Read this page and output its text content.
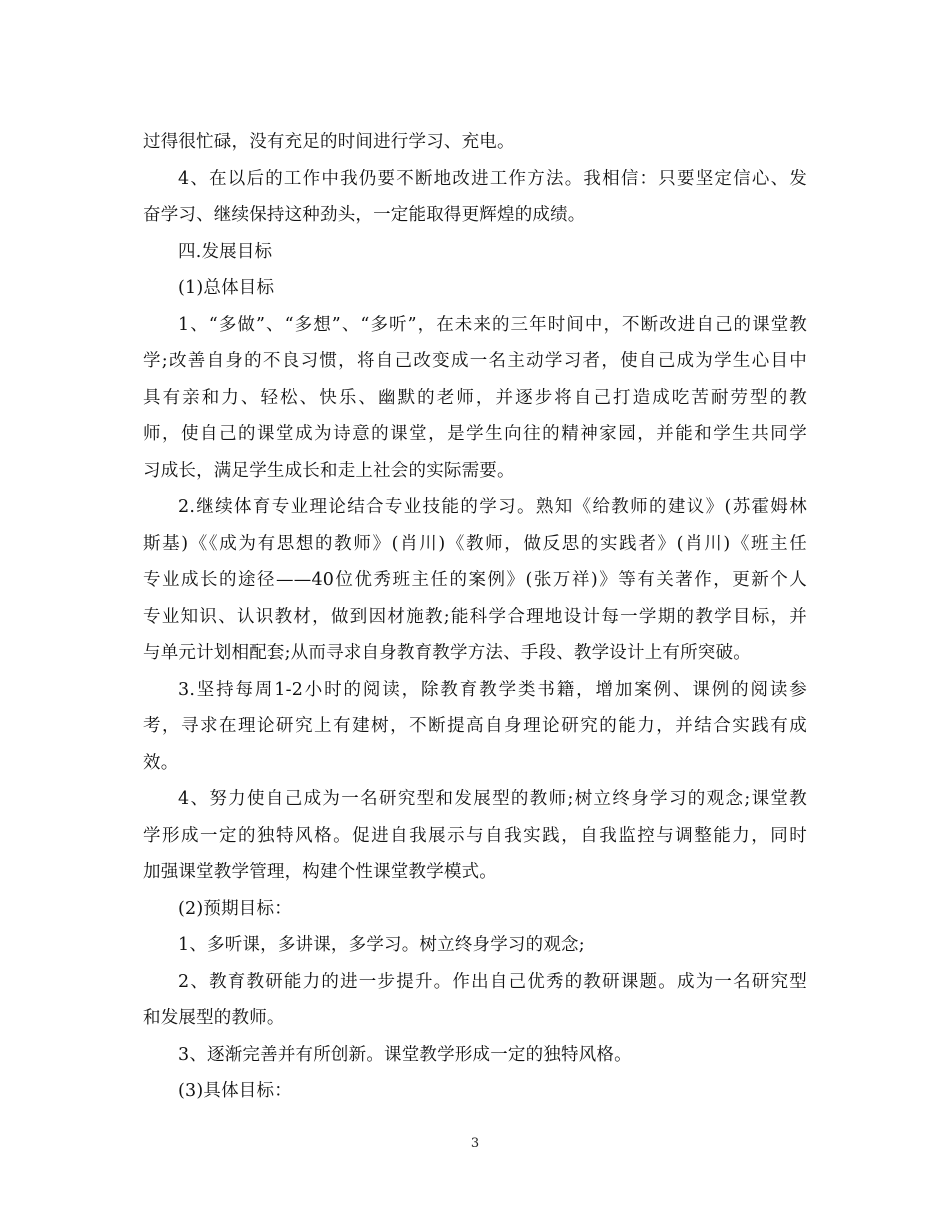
过得很忙碌，没有充足的时间进行学习、充电。
4、在以后的工作中我仍要不断地改进工作方法。我相信：只要坚定信心、发
奋学习、继续保持这种劲头，一定能取得更辉煌的成绩。
四.发展目标
(1)总体目标
1、“多做”、“多想”、“多听”，在未来的三年时间中，不断改进自己的课堂教
学;改善自身的不良习惯，将自己改变成一名主动学习者，使自己成为学生心目中
具有亲和力、轻松、快乐、幽默的老师，并逐步将自己打造成吃苦耐劳型的教
师，使自己的课堂成为诗意的课堂，是学生向往的精神家园，并能和学生共同学
习成长，满足学生成长和走上社会的实际需要。
2.继续体育专业理论结合专业技能的学习。熟知《给教师的建议》(苏霍姆林
斯基)《《成为有思想的教师》(肖川)《教师，做反思的实践者》(肖川)《班主任
专业成长的途径——40位优秀班主任的案例》(张万祥)》等有关著作，更新个人
专业知识、认识教材，做到因材施教;能科学合理地设计每一学期的教学目标，并
与单元计划相配套;从而寻求自身教育教学方法、手段、教学设计上有所突破。
3.坚持每周1-2小时的阅读，除教育教学类书籍，增加案例、课例的阅读参
考，寻求在理论研究上有建树，不断提高自身理论研究的能力，并结合实践有成
效。
4、努力使自己成为一名研究型和发展型的教师;树立终身学习的观念;课堂教
学形成一定的独特风格。促进自我展示与自我实践，自我监控与调整能力，同时
加强课堂教学管理，构建个性课堂教学模式。
(2)预期目标：
1、多听课，多讲课，多学习。树立终身学习的观念;
2、教育教研能力的进一步提升。作出自己优秀的教研课题。成为一名研究型
和发展型的教师。
3、逐渐完善并有所创新。课堂教学形成一定的独特风格。
(3)具体目标：
3
